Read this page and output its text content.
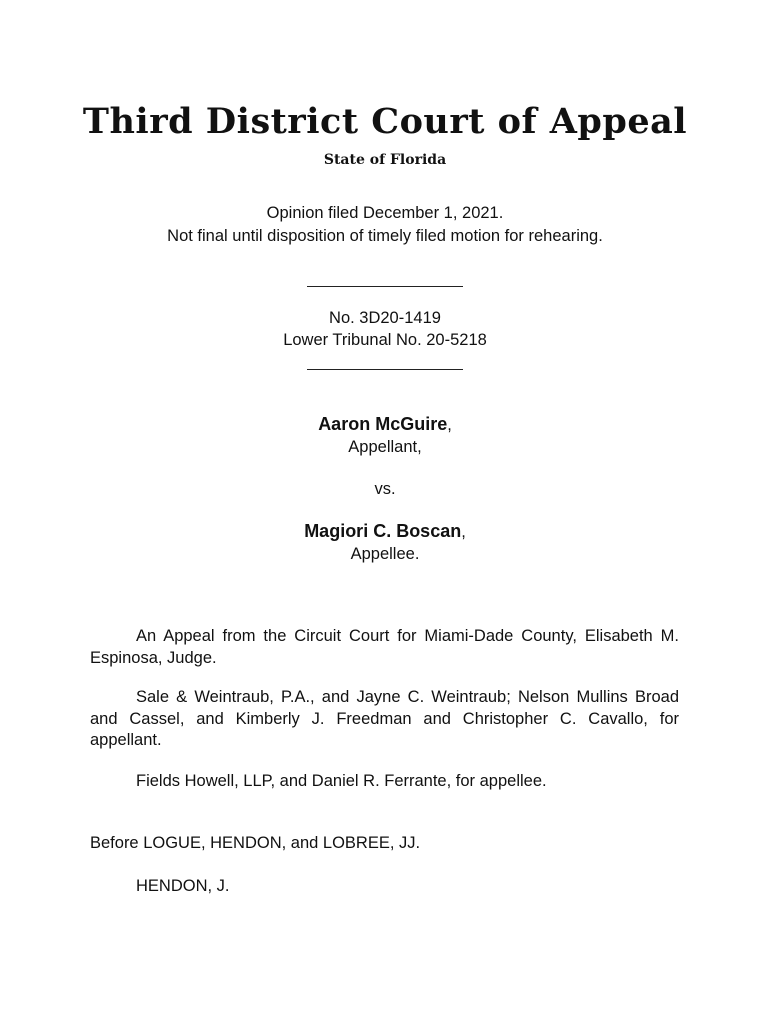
Third District Court of Appeal
State of Florida
Opinion filed December 1, 2021.
Not final until disposition of timely filed motion for rehearing.
No. 3D20-1419
Lower Tribunal No. 20-5218
Aaron McGuire,
Appellant,
vs.
Magiori C. Boscan,
Appellee.
An Appeal from the Circuit Court for Miami-Dade County, Elisabeth M. Espinosa, Judge.
Sale & Weintraub, P.A., and Jayne C. Weintraub; Nelson Mullins Broad and Cassel, and Kimberly J. Freedman and Christopher C. Cavallo, for appellant.
Fields Howell, LLP, and Daniel R. Ferrante, for appellee.
Before LOGUE, HENDON, and LOBREE, JJ.
HENDON, J.
